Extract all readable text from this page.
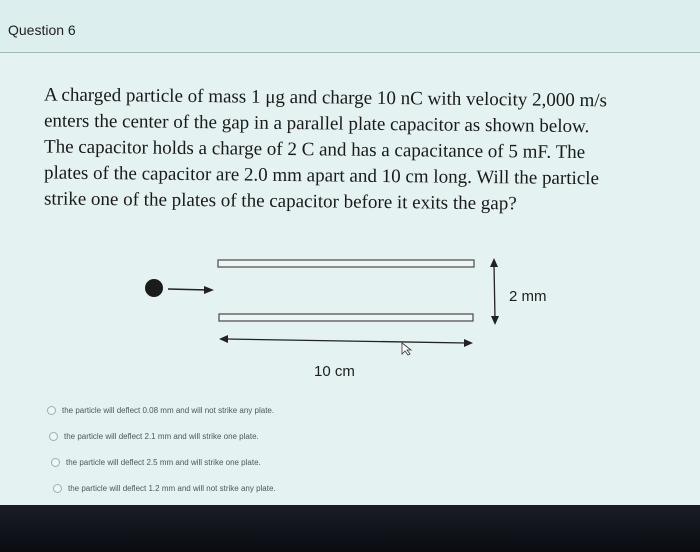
Question 6
A charged particle of mass 1 μg and charge 10 nC with velocity 2,000 m/s
enters the center of the gap in a parallel plate capacitor as shown below.
The capacitor holds a charge of 2 C and has a capacitance of 5 mF. The
plates of the capacitor are 2.0 mm apart and 10 cm long. Will the particle
strike one of the plates of the capacitor before it exits the gap?
2 mm
10 cm
the particle will deflect 0.08 mm and will not strike any plate.
the particle will deflect 2.1 mm and will strike one plate.
the particle will deflect 2.5 mm and will strike one plate.
the particle will deflect 1.2 mm and will not strike any plate.
